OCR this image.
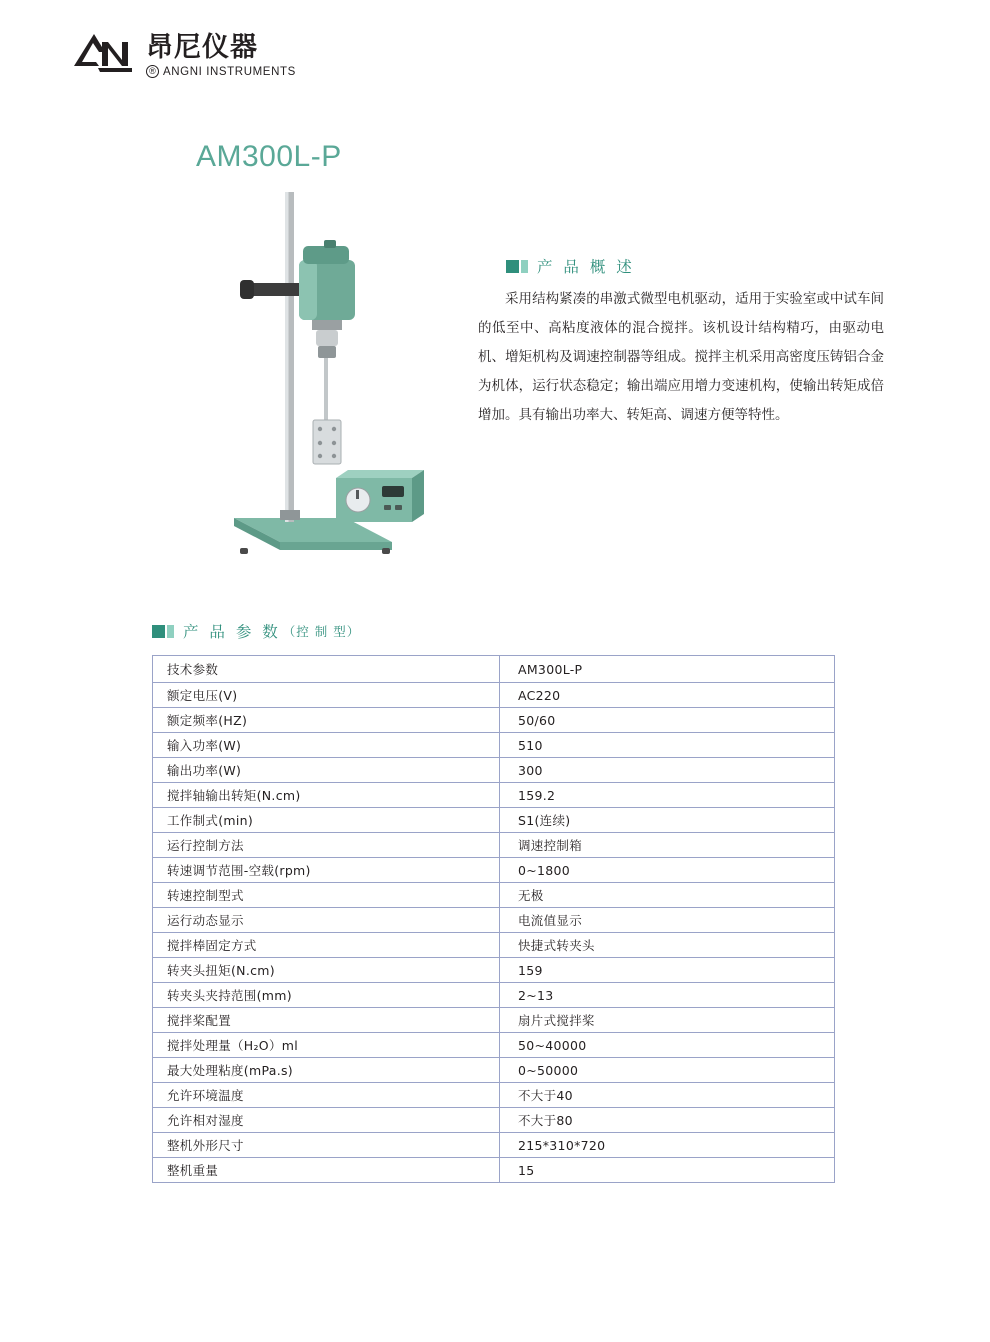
昂尼仪器
® ANGNI INSTRUMENTS
AM300L-P
产 品 概 述
采用结构紧凑的串激式微型电机驱动，适用于实验室或中试车间的低至中、高粘度液体的混合搅拌。该机设计结构精巧，由驱动电机、增矩机构及调速控制器等组成。搅拌主机采用高密度压铸铝合金为机体，运行状态稳定；输出端应用增力变速机构，使输出转矩成倍增加。具有输出功率大、转矩高、调速方便等特性。
产 品 参 数 （控 制 型）
技术参数	AM300L-P
额定电压(V)	AC220
额定频率(HZ)	50/60
输入功率(W)	510
输出功率(W)	300
搅拌轴输出转矩(N.cm)	159.2
工作制式(min)	S1(连续)
运行控制方法	调速控制箱
转速调节范围-空载(rpm)	0~1800
转速控制型式	无极
运行动态显示	电流值显示
搅拌棒固定方式	快捷式转夹头
转夹头扭矩(N.cm)	159
转夹头夹持范围(mm)	2~13
搅拌桨配置	扇片式搅拌桨
搅拌处理量（H₂O）ml	50~40000
最大处理粘度(mPa.s)	0~50000
允许环境温度	不大于40
允许相对湿度	不大于80
整机外形尺寸	215*310*720
整机重量	15
